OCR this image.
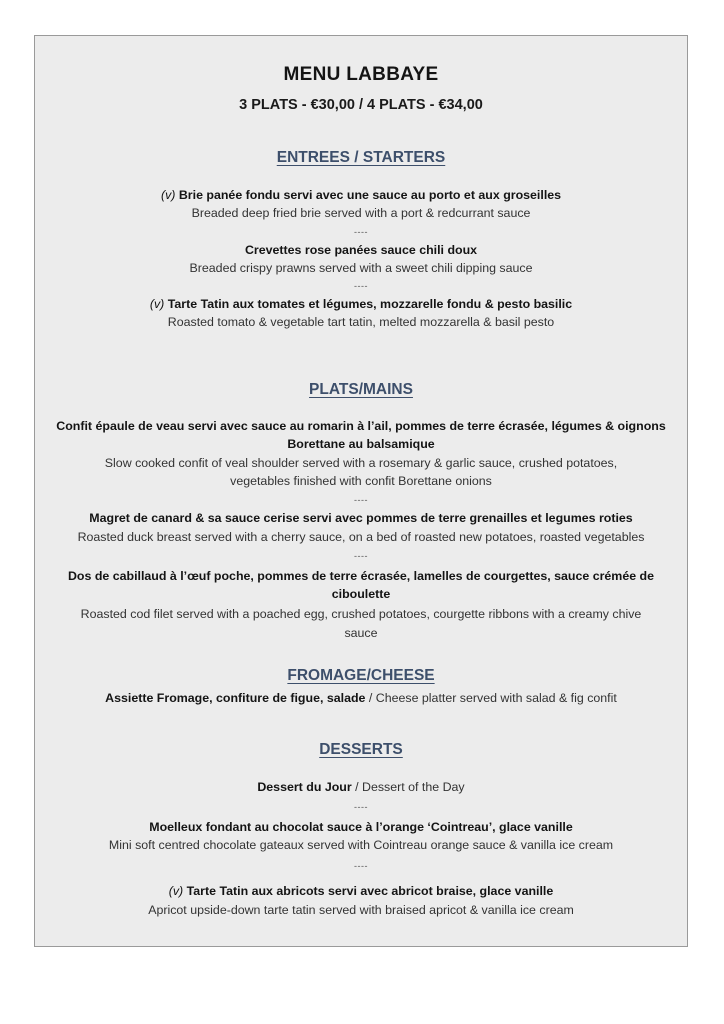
MENU LABBAYE
3 PLATS - €30,00 / 4 PLATS - €34,00
ENTREES / STARTERS
(v) Brie panée fondu servi avec une sauce au porto et aux groseilles
Breaded deep fried brie served with a port & redcurrant sauce
----
Crevettes rose panées sauce chili doux
Breaded crispy prawns served with a sweet chili dipping sauce
----
(v) Tarte Tatin aux tomates et légumes, mozzarelle fondu & pesto basilic
Roasted tomato & vegetable tart tatin, melted mozzarella & basil pesto
PLATS/MAINS
Confit épaule de veau servi avec sauce au romarin à l’ail, pommes de terre écrasée, légumes & oignons
Borettane au balsamique
Slow cooked confit of veal shoulder served with a rosemary & garlic sauce, crushed potatoes,
vegetables finished with confit Borettane onions
----
Magret de canard & sa sauce cerise servi avec pommes de terre grenailles et legumes roties
Roasted duck breast served with a cherry sauce, on a bed of roasted new potatoes, roasted vegetables
----
Dos de cabillaud à l’œuf poche, pommes de terre écrasée, lamelles de courgettes, sauce crémée de
ciboulette
Roasted cod filet served with a poached egg, crushed potatoes, courgette ribbons with a creamy chive
sauce
FROMAGE/CHEESE
Assiette Fromage, confiture de figue, salade / Cheese platter served with salad & fig confit
DESSERTS
Dessert du Jour / Dessert of the Day
----
Moelleux fondant au chocolat sauce à l’orange ‘Cointreau’, glace vanille
Mini soft centred chocolate gateaux served with Cointreau orange sauce & vanilla ice cream
----
(v) Tarte Tatin aux abricots servi avec abricot braise, glace vanille
Apricot upside-down tarte tatin served with braised apricot & vanilla ice cream
